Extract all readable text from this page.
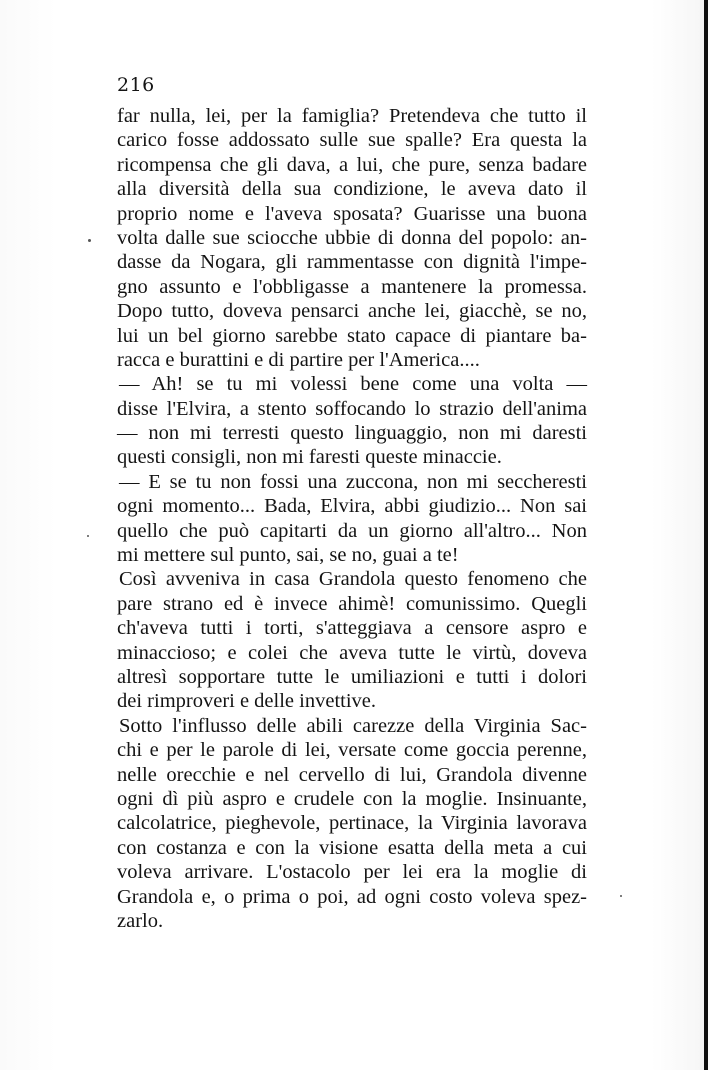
216
far nulla, lei, per la famiglia? Pretendeva che tutto il
carico fosse addossato sulle sue spalle? Era questa la
ricompensa che gli dava, a lui, che pure, senza badare
alla diversità della sua condizione, le aveva dato il
proprio nome e l'aveva sposata? Guarisse una buona
volta dalle sue sciocche ubbie di donna del popolo: an-
dasse da Nogara, gli rammentasse con dignità l'impe-
gno assunto e l'obbligasse a mantenere la promessa.
Dopo tutto, doveva pensarci anche lei, giacchè, se no,
lui un bel giorno sarebbe stato capace di piantare ba-
racca e burattini e di partire per l'America....
— Ah! se tu mi volessi bene come una volta —
disse l'Elvira, a stento soffocando lo strazio dell'anima
— non mi terresti questo linguaggio, non mi daresti
questi consigli, non mi faresti queste minaccie.
— E se tu non fossi una zuccona, non mi seccheresti
ogni momento... Bada, Elvira, abbi giudizio... Non sai
quello che può capitarti da un giorno all'altro... Non
mi mettere sul punto, sai, se no, guai a te!
Così avveniva in casa Grandola questo fenomeno che
pare strano ed è invece ahimè! comunissimo. Quegli
ch'aveva tutti i torti, s'atteggiava a censore aspro e
minaccioso; e colei che aveva tutte le virtù, doveva
altresì sopportare tutte le umiliazioni e tutti i dolori
dei rimproveri e delle invettive.
Sotto l'influsso delle abili carezze della Virginia Sac-
chi e per le parole di lei, versate come goccia perenne,
nelle orecchie e nel cervello di lui, Grandola divenne
ogni dì più aspro e crudele con la moglie. Insinuante,
calcolatrice, pieghevole, pertinace, la Virginia lavorava
con costanza e con la visione esatta della meta a cui
voleva arrivare. L'ostacolo per lei era la moglie di
Grandola e, o prima o poi, ad ogni costo voleva spez-
zarlo.
